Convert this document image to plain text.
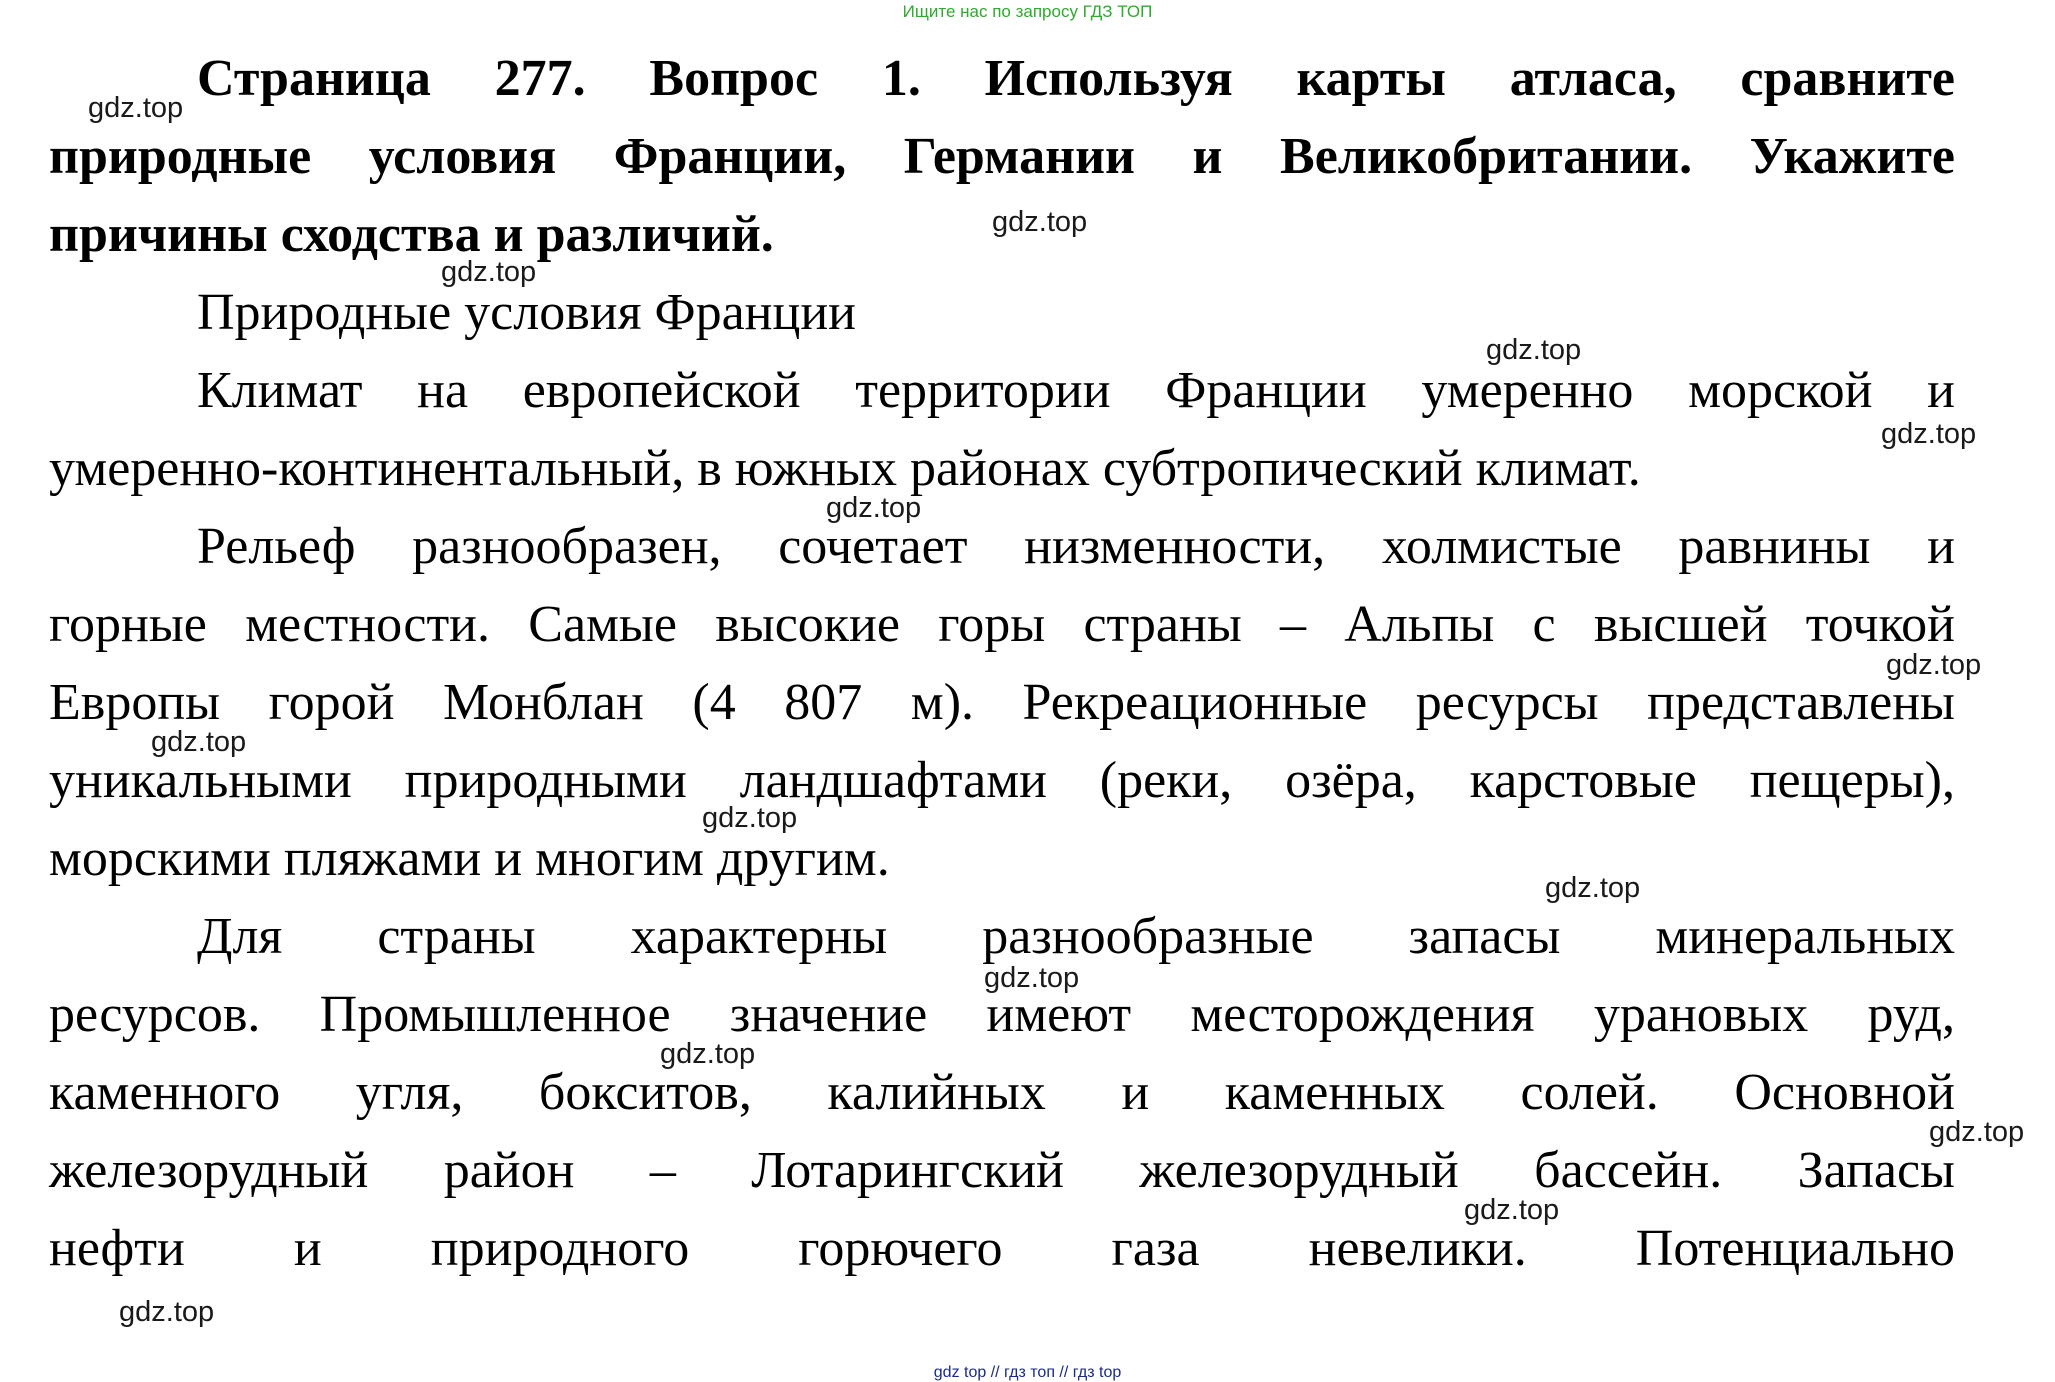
Ищите нас по запросу ГДЗ ТОП
Страница 277. Вопрос 1. Используя карты атласа, сравните
природные условия Франции, Германии и Великобритании. Укажите
причины сходства и различий.
Природные условия Франции
Климат на европейской территории Франции умеренно морской и
умеренно-континентальный, в южных районах субтропический климат.
Рельеф разнообразен, сочетает низменности, холмистые равнины и
горные местности. Самые высокие горы страны – Альпы с высшей точкой
Европы горой Монблан (4 807 м). Рекреационные ресурсы представлены
уникальными природными ландшафтами (реки, озёра, карстовые пещеры),
морскими пляжами и многим другим.
Для страны характерны разнообразные запасы минеральных
ресурсов. Промышленное значение имеют месторождения урановых руд,
каменного угля, бокситов, калийных и каменных солей. Основной
железорудный район – Лотарингский железорудный бассейн. Запасы
нефти и природного горючего газа невелики. Потенциально
gdz.top
gdz.top
gdz.top
gdz.top
gdz.top
gdz.top
gdz.top
gdz.top
gdz.top
gdz.top
gdz.top
gdz.top
gdz.top
gdz.top
gdz.top
gdz top // гдз топ // гдз top
